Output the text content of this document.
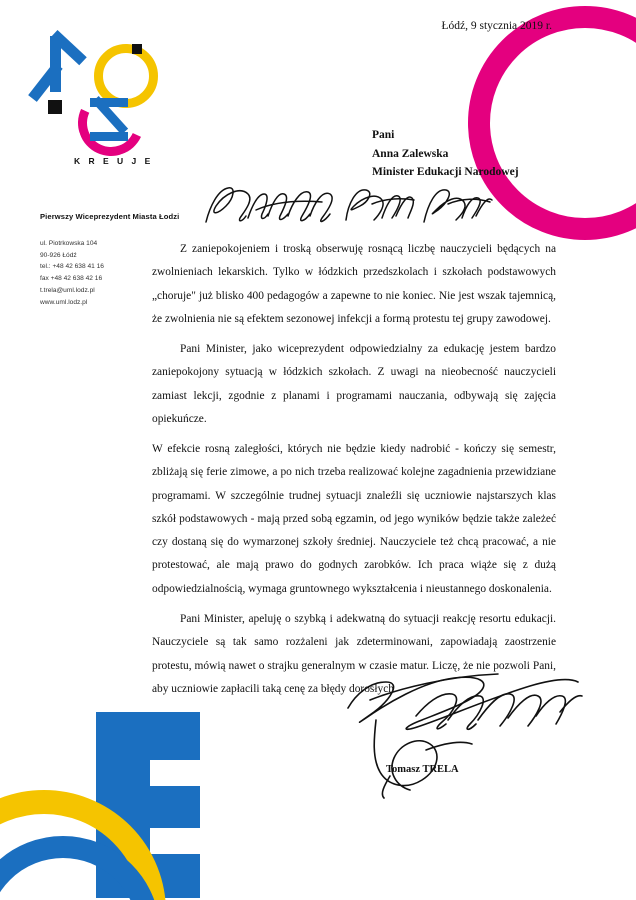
K R E U J E
Łódź, 9 stycznia 2019 r.
Pani
Anna Zalewska
Minister Edukacji Narodowej
Pierwszy Wiceprezydent Miasta Łodzi
ul. Piotrkowska 104
90-926 Łódź
tel.: +48 42 638 41 16
fax +48 42 638 42 16
t.trela@uml.lodz.pl
www.uml.lodz.pl

Z zaniepokojeniem i troską obserwuję rosnącą liczbę nauczycieli będących na zwolnieniach lekarskich. Tylko w łódzkich przedszkolach i szkołach podstawowych „choruje" już blisko 400 pedagogów a zapewne to nie koniec. Nie jest wszak tajemnicą, że zwolnienia nie są efektem sezonowej infekcji a formą protestu tej grupy zawodowej.

Pani Minister, jako wiceprezydent odpowiedzialny za edukację jestem bardzo zaniepokojony sytuacją w łódzkich szkołach. Z uwagi na nieobecność nauczycieli zamiast lekcji, zgodnie z planami i programami nauczania, odbywają się zajęcia opiekuńcze.

W efekcie rosną zaległości, których nie będzie kiedy nadrobić - kończy się semestr, zbliżają się ferie zimowe, a po nich trzeba realizować kolejne zagadnienia przewidziane programami. W szczególnie trudnej sytuacji znaleźli się uczniowie najstarszych klas szkół podstawowych - mają przed sobą egzamin, od jego wyników będzie także zależeć czy dostaną się do wymarzonej szkoły średniej. Nauczyciele też chcą pracować, a nie protestować, ale mają prawo do godnych zarobków. Ich praca wiąże się z dużą odpowiedzialnością, wymaga gruntownego wykształcenia i nieustannego doskonalenia.

Pani Minister, apeluję o szybką i adekwatną do sytuacji reakcję resortu edukacji. Nauczyciele są tak samo rozżaleni jak zdeterminowani, zapowiadają zaostrzenie protestu, mówią nawet o strajku generalnym w czasie matur. Liczę, że nie pozwoli Pani, aby uczniowie zapłacili taką cenę za błędy dorosłych.

Tomasz TRELA
